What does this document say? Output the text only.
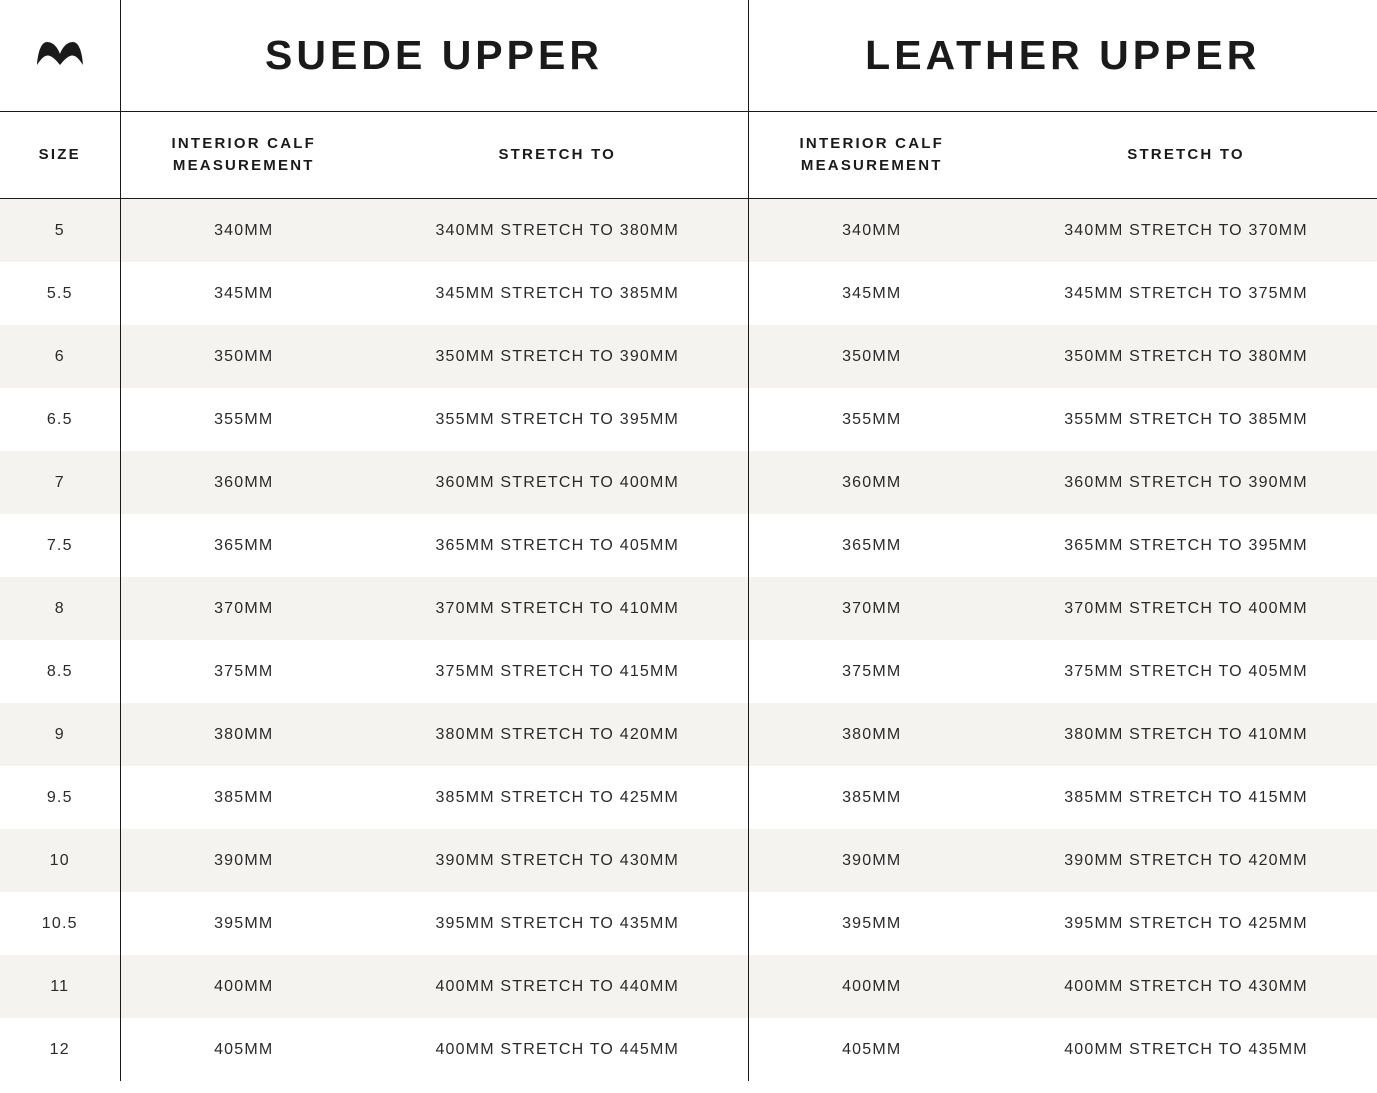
	SUEDE UPPER		LEATHER UPPER	
SIZE	INTERIOR CALF MEASUREMENT	STRETCH TO	INTERIOR CALF MEASUREMENT	STRETCH TO
5	340MM	340MM STRETCH TO 380MM	340MM	340MM STRETCH TO 370MM
5.5	345MM	345MM STRETCH TO 385MM	345MM	345MM STRETCH TO 375MM
6	350MM	350MM STRETCH TO 390MM	350MM	350MM STRETCH TO 380MM
6.5	355MM	355MM STRETCH TO 395MM	355MM	355MM STRETCH TO 385MM
7	360MM	360MM STRETCH TO 400MM	360MM	360MM STRETCH TO 390MM
7.5	365MM	365MM STRETCH TO 405MM	365MM	365MM STRETCH TO 395MM
8	370MM	370MM STRETCH TO 410MM	370MM	370MM STRETCH TO 400MM
8.5	375MM	375MM STRETCH TO 415MM	375MM	375MM STRETCH TO 405MM
9	380MM	380MM STRETCH TO 420MM	380MM	380MM STRETCH TO 410MM
9.5	385MM	385MM STRETCH TO 425MM	385MM	385MM STRETCH TO 415MM
10	390MM	390MM STRETCH TO 430MM	390MM	390MM STRETCH TO 420MM
10.5	395MM	395MM STRETCH TO 435MM	395MM	395MM STRETCH TO 425MM
11	400MM	400MM STRETCH TO 440MM	400MM	400MM STRETCH TO 430MM
12	405MM	400MM STRETCH TO 445MM	405MM	400MM STRETCH TO 435MM
